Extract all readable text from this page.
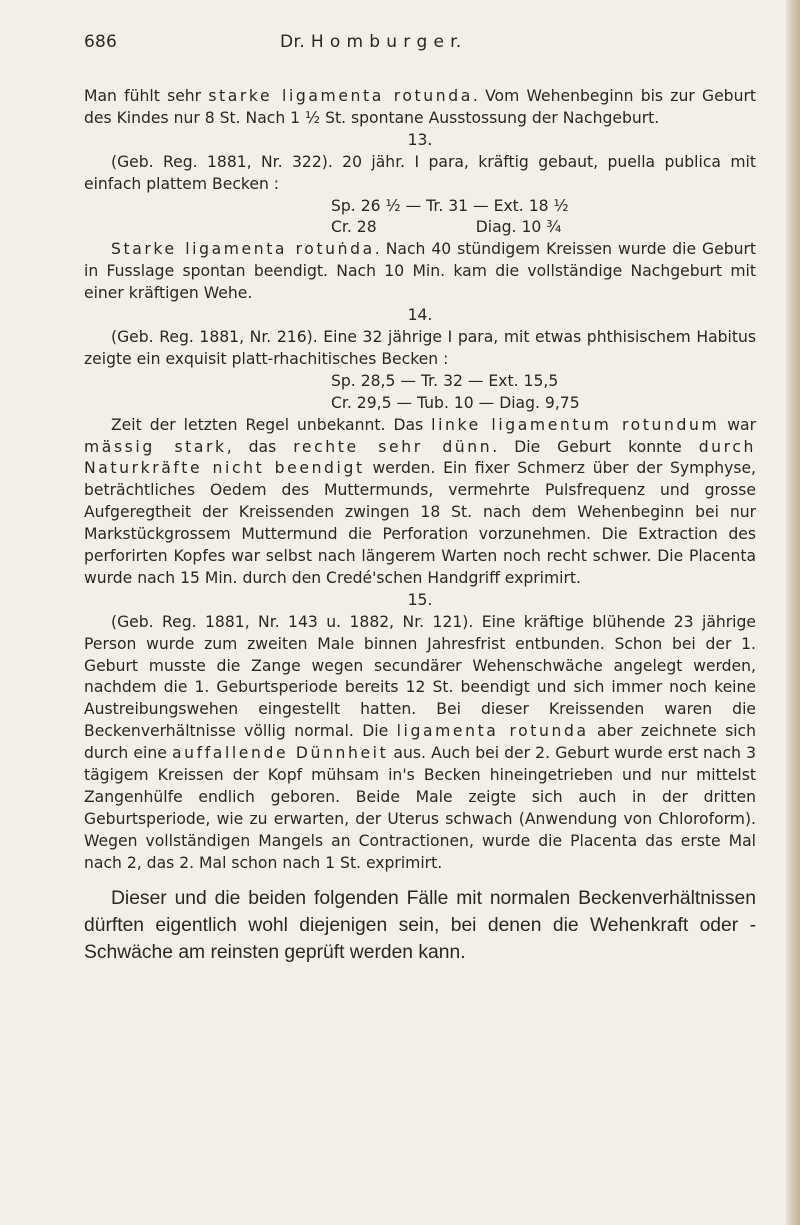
686	Dr. H o m b u r g e r.

Man fühlt sehr starke ligamenta rotunda. Vom Wehenbeginn bis zur Geburt des Kindes nur 8 St. Nach 1 ½ St. spontane Ausstossung der Nachgeburt.

13.

(Geb. Reg. 1881, Nr. 322). 20 jähr. I para, kräftig gebaut, puella publica mit einfach plattem Becken :

Sp. 26 ½ — Tr. 31 — Ext. 18 ½

Cr. 28                    Diag. 10 ¾

Starke ligamenta rotuṅda. Nach 40 stündigem Kreissen wurde die Geburt in Fusslage spontan beendigt. Nach 10 Min. kam die vollständige Nachgeburt mit einer kräftigen Wehe.

14.

(Geb. Reg. 1881, Nr. 216). Eine 32 jährige I para, mit etwas phthisischem Habitus zeigte ein exquisit platt-rhachitisches Becken :

Sp. 28,5 — Tr. 32 — Ext. 15,5

Cr. 29,5 — Tub. 10 — Diag. 9,75

Zeit der letzten Regel unbekannt. Das linke ligamentum rotundum war mässig stark, das rechte sehr dünn. Die Geburt konnte durch Naturkräfte nicht beendigt werden. Ein fixer Schmerz über der Symphyse, beträchtliches Oedem des Muttermunds, vermehrte Pulsfrequenz und grosse Aufgeregtheit der Kreissenden zwingen 18 St. nach dem Wehenbeginn bei nur Markstückgrossem Muttermund die Perforation vorzunehmen. Die Extraction des perforirten Kopfes war selbst nach längerem Warten noch recht schwer. Die Placenta wurde nach 15 Min. durch den Credé'schen Handgriff exprimirt.

15.

(Geb. Reg. 1881, Nr. 143 u. 1882, Nr. 121). Eine kräftige blühende 23 jährige Person wurde zum zweiten Male binnen Jahresfrist entbunden. Schon bei der 1. Geburt musste die Zange wegen secundärer Wehenschwäche angelegt werden, nachdem die 1. Geburtsperiode bereits 12 St. beendigt und sich immer noch keine Austreibungswehen eingestellt hatten. Bei dieser Kreissenden waren die Beckenverhältnisse völlig normal. Die ligamenta rotunda aber zeichnete sich durch eine auffallende Dünnheit aus. Auch bei der 2. Geburt wurde erst nach 3 tägigem Kreissen der Kopf mühsam in's Becken hineingetrieben und nur mittelst Zangenhülfe endlich geboren. Beide Male zeigte sich auch in der dritten Geburtsperiode, wie zu erwarten, der Uterus schwach (Anwendung von Chloroform). Wegen vollständigen Mangels an Contractionen, wurde die Placenta das erste Mal nach 2, das 2. Mal schon nach 1 St. exprimirt.

Dieser und die beiden folgenden Fälle mit normalen Beckenverhältnissen dürften eigentlich wohl diejenigen sein, bei denen die Wehenkraft oder -Schwäche am reinsten geprüft werden kann.
